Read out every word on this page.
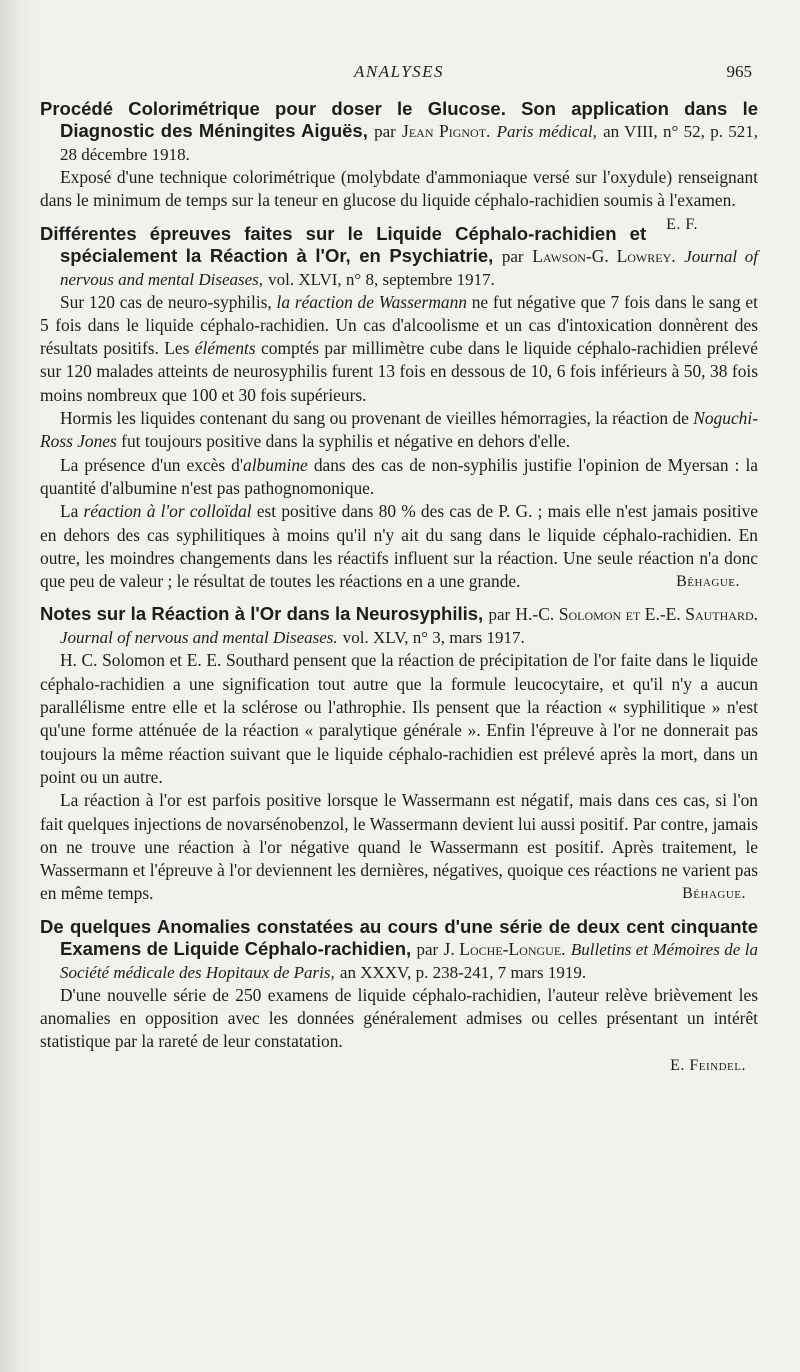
ANALYSES	965

Procédé Colorimétrique pour doser le Glucose. Son application dans le Diagnostic des Méningites Aiguës, par Jean Pignot. Paris médical, an VIII, n° 52, p. 521, 28 décembre 1918.

Exposé d'une technique colorimétrique (molybdate d'ammoniaque versé sur l'oxydule) renseignant dans le minimum de temps sur la teneur en glucose du liquide céphalo-rachidien soumis à l'examen.
E. F.

Différentes épreuves faites sur le Liquide Céphalo-rachidien et spécialement la Réaction à l'Or, en Psychiatrie, par Lawson-G. Lowrey. Journal of nervous and mental Diseases, vol. XLVI, n° 8, septembre 1917.

Sur 120 cas de neuro-syphilis, la réaction de Wassermann ne fut négative que 7 fois dans le sang et 5 fois dans le liquide céphalo-rachidien. Un cas d'alcoolisme et un cas d'intoxication donnèrent des résultats positifs. Les éléments comptés par millimètre cube dans le liquide céphalo-rachidien prélevé sur 120 malades atteints de neurosyphilis furent 13 fois en dessous de 10, 6 fois inférieurs à 50, 38 fois moins nombreux que 100 et 30 fois supérieurs.

Hormis les liquides contenant du sang ou provenant de vieilles hémorragies, la réaction de Noguchi-Ross Jones fut toujours positive dans la syphilis et négative en dehors d'elle.

La présence d'un excès d'albumine dans des cas de non-syphilis justifie l'opinion de Myersan : la quantité d'albumine n'est pas pathognomonique.

La réaction à l'or colloïdal est positive dans 80 % des cas de P. G. ; mais elle n'est jamais positive en dehors des cas syphilitiques à moins qu'il n'y ait du sang dans le liquide céphalo-rachidien. En outre, les moindres changements dans les réactifs influent sur la réaction. Une seule réaction n'a donc que peu de valeur ; le résultat de toutes les réactions en a une grande.	Béhague.

Notes sur la Réaction à l'Or dans la Neurosyphilis, par H.-C. Solomon et E.-E. Sauthard. Journal of nervous and mental Diseases. vol. XLV, n° 3, mars 1917.

H. C. Solomon et E. E. Southard pensent que la réaction de précipitation de l'or faite dans le liquide céphalo-rachidien a une signification tout autre que la formule leucocytaire, et qu'il n'y a aucun parallélisme entre elle et la sclérose ou l'athrophie. Ils pensent que la réaction « syphilitique » n'est qu'une forme atténuée de la réaction « paralytique générale ». Enfin l'épreuve à l'or ne donnerait pas toujours la même réaction suivant que le liquide céphalo-rachidien est prélevé après la mort, dans un point ou un autre.

La réaction à l'or est parfois positive lorsque le Wassermann est négatif, mais dans ces cas, si l'on fait quelques injections de novarsénobenzol, le Wassermann devient lui aussi positif. Par contre, jamais on ne trouve une réaction à l'or négative quand le Wassermann est positif. Après traitement, le Wassermann et l'épreuve à l'or deviennent les dernières, négatives, quoique ces réactions ne varient pas en même temps.	Béhague.

De quelques Anomalies constatées au cours d'une série de deux cent cinquante Examens de Liquide Céphalo-rachidien, par J. Loche-Longue. Bulletins et Mémoires de la Société médicale des Hopitaux de Paris, an XXXV, p. 238-241, 7 mars 1919.

D'une nouvelle série de 250 examens de liquide céphalo-rachidien, l'auteur relève brièvement les anomalies en opposition avec les données généralement admises ou celles présentant un intérêt statistique par la rareté de leur constatation.

E. Feindel.
